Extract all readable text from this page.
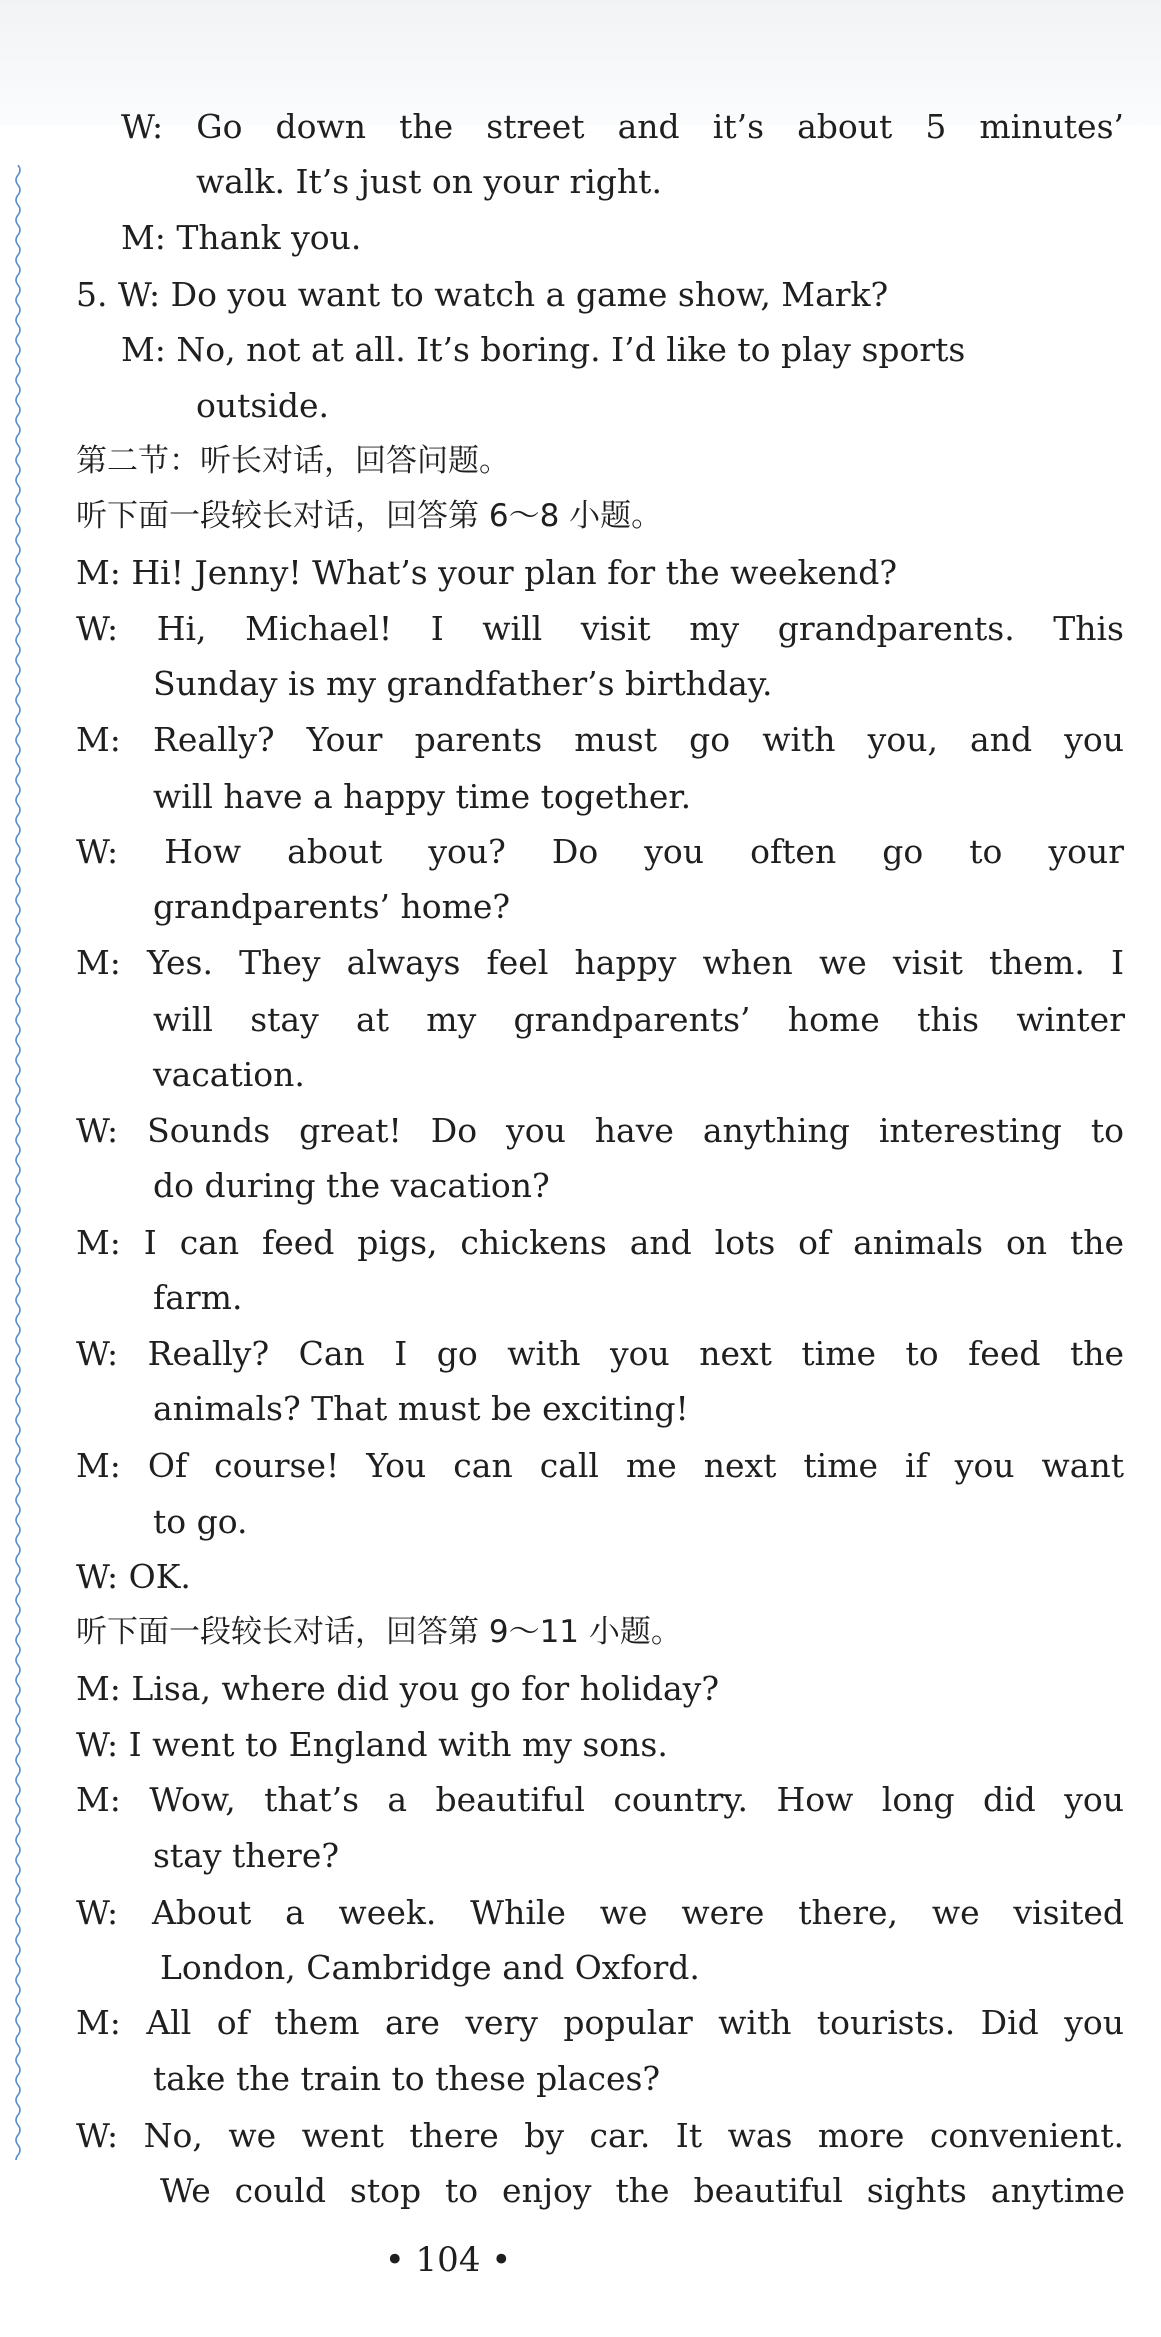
W: Go down the street and it’s about 5 minutes’
walk. It’s just on your right.
M: Thank you.
5. W: Do you want to watch a game show, Mark?
M: No, not at all. It’s boring. I’d like to play sports
outside.
第二节：听长对话，回答问题。
听下面一段较长对话，回答第 6～8 小题。
M: Hi! Jenny! What’s your plan for the weekend?
W: Hi, Michael! I will visit my grandparents. This
Sunday is my grandfather’s birthday.
M: Really? Your parents must go with you, and you
will have a happy time together.
W: How about you? Do you often go to your
grandparents’ home?
M: Yes. They always feel happy when we visit them. I
will stay at my grandparents’ home this winter
vacation.
W: Sounds great! Do you have anything interesting to
do during the vacation?
M: I can feed pigs, chickens and lots of animals on the
farm.
W: Really? Can I go with you next time to feed the
animals? That must be exciting!
M: Of course! You can call me next time if you want
to go.
W: OK.
听下面一段较长对话，回答第 9～11 小题。
M: Lisa, where did you go for holiday?
W: I went to England with my sons.
M: Wow, that’s a beautiful country. How long did you
stay there?
W: About a week. While we were there, we visited
London, Cambridge and Oxford.
M: All of them are very popular with tourists. Did you
take the train to these places?
W: No, we went there by car. It was more convenient.
We could stop to enjoy the beautiful sights anytime
• 104 •
